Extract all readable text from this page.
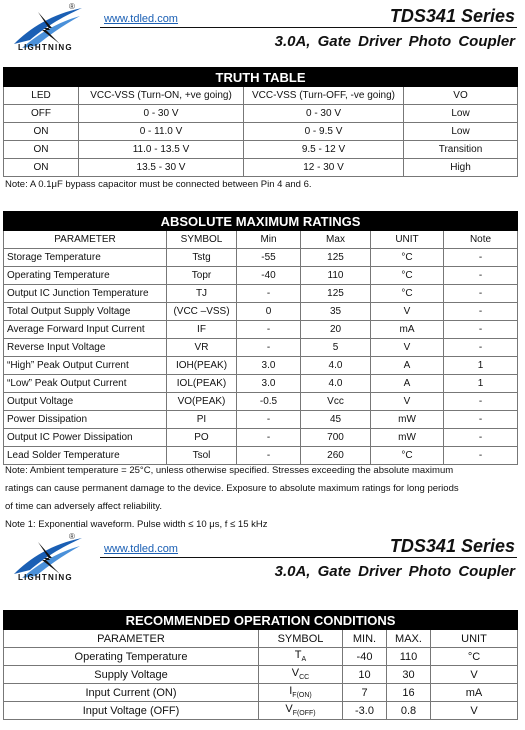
®
LIGHTNING
www.tdled.com	TDS341 Series
3.0A, Gate Driver Photo Coupler
TRUTH TABLE			
LED	VCC-VSS (Turn-ON, +ve going)	VCC-VSS (Turn-OFF, -ve going)	VO
OFF	0 - 30 V	0 - 30 V	Low
ON	0 - 11.0 V	0 - 9.5 V	Low
ON	11.0 - 13.5 V	9.5 - 12 V	Transition
ON	13.5 - 30 V	12 - 30 V	High
Note: A 0.1μF bypass capacitor must be connected between Pin 4 and 6.
ABSOLUTE MAXIMUM RATINGS					
PARAMETER	SYMBOL	Min	Max	UNIT	Note
Storage Temperature	Tstg	-55	125	°C	-
Operating Temperature	Topr	-40	110	°C	-
Output IC Junction Temperature	TJ	-	125	°C	-
Total Output Supply Voltage	(VCC –VSS)	0	35	V	-
Average Forward Input Current	IF	-	20	mA	-
Reverse Input Voltage	VR	-	5	V	-
“High” Peak Output Current	IOH(PEAK)	3.0	4.0	A	1
“Low” Peak Output Current	IOL(PEAK)	3.0	4.0	A	1
Output Voltage	VO(PEAK)	-0.5	Vcc	V	-
Power Dissipation	PI	-	45	mW	-
Output IC Power Dissipation	PO	-	700	mW	-
Lead Solder Temperature	Tsol	-	260	°C	-
Note: Ambient temperature = 25°C, unless otherwise specified. Stresses exceeding the absolute maximum
ratings can cause permanent damage to the device. Exposure to absolute maximum ratings for long periods
of time can adversely affect reliability.
Note 1: Exponential waveform. Pulse width ≤ 10 μs, f ≤ 15 kHz
®
LIGHTNING
www.tdled.com	TDS341 Series
3.0A, Gate Driver Photo Coupler
RECOMMENDED OPERATION CONDITIONS				
PARAMETER	SYMBOL	MIN.	MAX.	UNIT
Operating Temperature	$T_A$	-40	110	°C
Supply Voltage	$V_{CC}$	10	30	V
Input Current (ON)	$I_{F(ON)}$	7	16	mA
Input Voltage (OFF)	$V_{F(OFF)}$	-3.0	0.8	V
